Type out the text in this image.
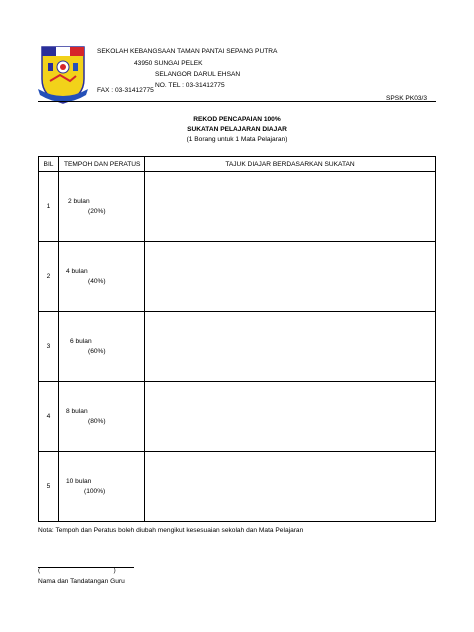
SEKOLAH KEBANGSAAN TAMAN PANTAI SEPANG PUTRA
43950 SUNGAI PELEK
SELANGOR DARUL EHSAN
NO. TEL : 03-31412775
FAX : 03-31412775
SPSK PK03/3
REKOD PENCAPAIAN 100%
SUKATAN PELAJARAN DIAJAR
(1 Borang untuk 1 Mata Pelajaran)
BIL	TEMPOH DAN PERATUS	TAJUK DIAJAR BERDASARKAN SUKATAN
1	2 bulan
(20%)	

2	4 bulan
(40%)	

3	6 bulan
(60%)	

4	8 bulan
(80%)	

5	10 bulan
(100%)	

Nota: Tempoh dan Peratus boleh diubah mengikut kesesuaian sekolah dan Mata Pelajaran
(                                        )
Nama dan Tandatangan Guru
